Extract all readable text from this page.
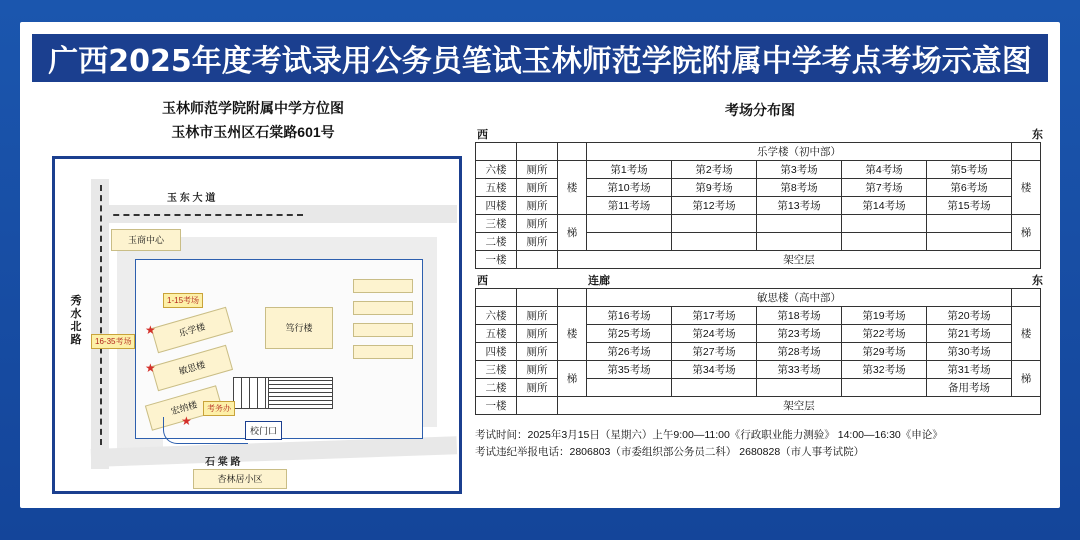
广西2025年度考试录用公务员笔试玉林师范学院附属中学考点考场示意图
玉林师范学院附属中学方位图
玉林市玉州区石棠路601号
玉 东 大 道
秀 水 北 路
石 棠 路
玉商中心
杏林居小区
笃行楼
乐学楼
★
1-15考场
敏思楼
★
16-35考场
宏纳楼
★
考务办
校门口
考场分布图
西	东
			乐学楼（初中部）					
六楼	厕所	楼	第1考场	第2考场	第3考场	第4考场	第5考场	楼
五楼	厕所		第10考场	第9考场	第8考场	第7考场	第6考场	
四楼	厕所		第11考场	第12考场	第13考场	第14考场	第15考场	
三楼	厕所	梯						梯
二楼	厕所							
一楼		架空层						
西	连廊	东
			敏思楼（高中部）					
六楼	厕所	楼	第16考场	第17考场	第18考场	第19考场	第20考场	楼
五楼	厕所		第25考场	第24考场	第23考场	第22考场	第21考场	
四楼	厕所		第26考场	第27考场	第28考场	第29考场	第30考场	
三楼	厕所	梯	第35考场	第34考场	第33考场	第32考场	第31考场	梯
二楼	厕所						备用考场	
一楼		架空层						
考试时间：2025年3月15日（星期六）上午9:00—11:00《行政职业能力测验》 14:00—16:30《申论》
考试违纪举报电话：2806803（市委组织部公务员二科） 2680828（市人事考试院）
